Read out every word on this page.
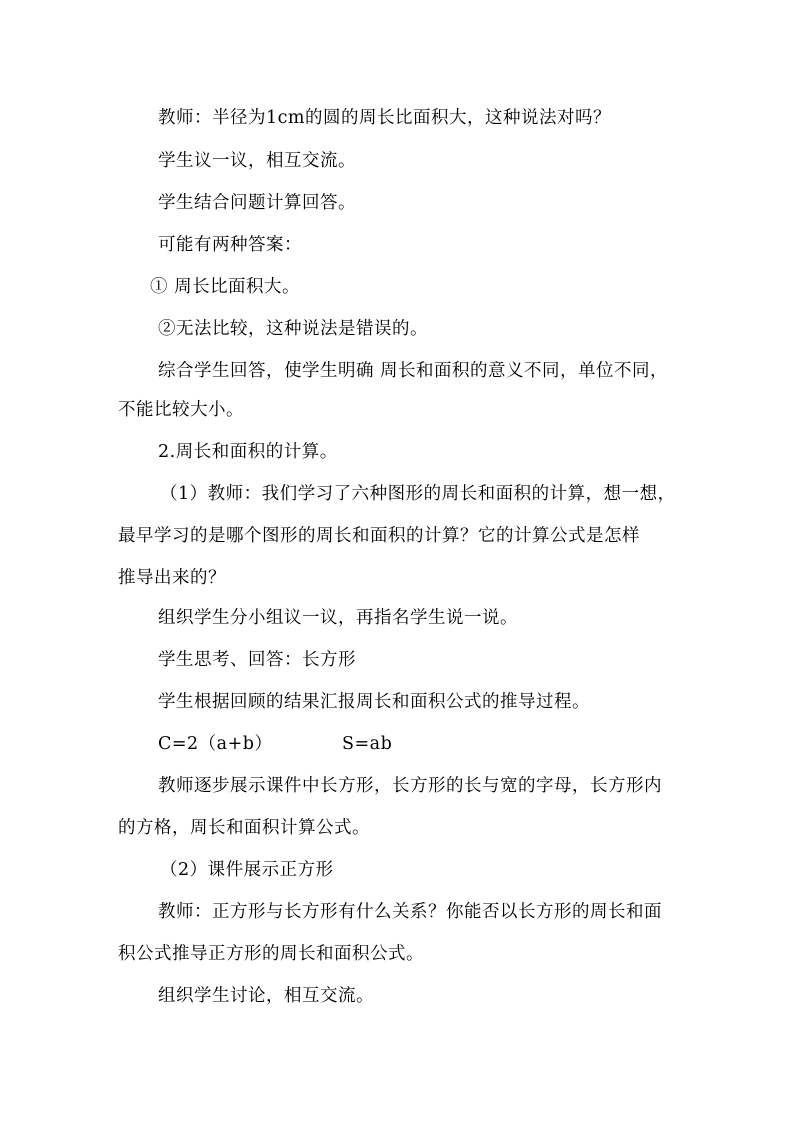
教师：半径为1cm的圆的周长比面积大，这种说法对吗？
学生议一议，相互交流。
学生结合问题计算回答。
可能有两种答案：
① 周长比面积大。
②无法比较，这种说法是错误的。
综合学生回答，使学生明确 周长和面积的意义不同，单位不同，
不能比较大小。
2.周长和面积的计算。
（1）教师：我们学习了六种图形的周长和面积的计算，想一想，
最早学习的是哪个图形的周长和面积的计算？它的计算公式是怎样
推导出来的？
组织学生分小组议一议，再指名学生说一说。
学生思考、回答：长方形
学生根据回顾的结果汇报周长和面积公式的推导过程。
C=2（a+b）	S=ab
教师逐步展示课件中长方形，长方形的长与宽的字母，长方形内
的方格，周长和面积计算公式。
（2）课件展示正方形
教师：正方形与长方形有什么关系？你能否以长方形的周长和面
积公式推导正方形的周长和面积公式。
组织学生讨论，相互交流。
